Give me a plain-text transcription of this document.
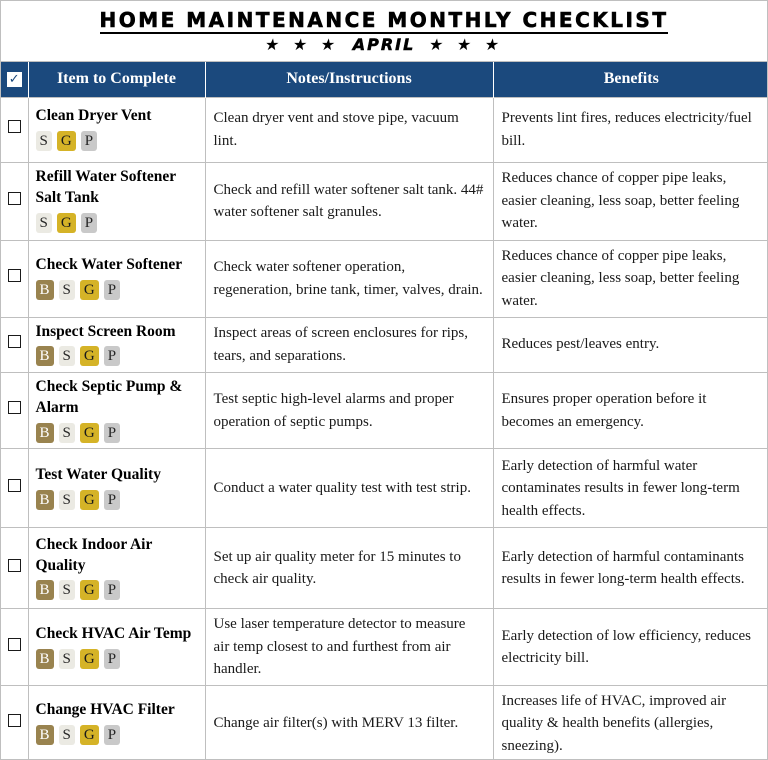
HOME MAINTENANCE MONTHLY CHECKLIST
★ ★ ★ APRIL ★ ★ ★
✓	Item to Complete	Notes/Instructions	Benefits

	Clean Dryer Vent
S G P	Clean dryer vent and stove pipe, vacuum lint.	Prevents lint fires, reduces electricity/fuel bill.

	Refill Water Softener Salt Tank
S G P	Check and refill water softener salt tank. 44# water softener salt granules.	Reduces chance of copper pipe leaks, easier cleaning, less soap, better feeling water.

	Check Water Softener
B S G P	Check water softener operation, regeneration, brine tank, timer, valves, drain.	Reduces chance of copper pipe leaks, easier cleaning, less soap, better feeling water.

	Inspect Screen Room
B S G P	Inspect areas of screen enclosures for rips, tears, and separations.	Reduces pest/leaves entry.

	Check Septic Pump & Alarm
B S G P	Test septic high-level alarms and proper operation of septic pumps.	Ensures proper operation before it becomes an emergency.

	Test Water Quality
B S G P	Conduct a water quality test with test strip.	Early detection of harmful water contaminates results in fewer long-term health effects.

	Check Indoor Air Quality
B S G P	Set up air quality meter for 15 minutes to check air quality.	Early detection of harmful contaminants results in fewer long-term health effects.

	Check HVAC Air Temp
B S G P	Use laser temperature detector to measure air temp closest to and furthest from air handler.	Early detection of low efficiency, reduces electricity bill.

	Change HVAC Filter
B S G P	Change air filter(s) with MERV 13 filter.	Increases life of HVAC, improved air quality & health benefits (allergies, sneezing).
